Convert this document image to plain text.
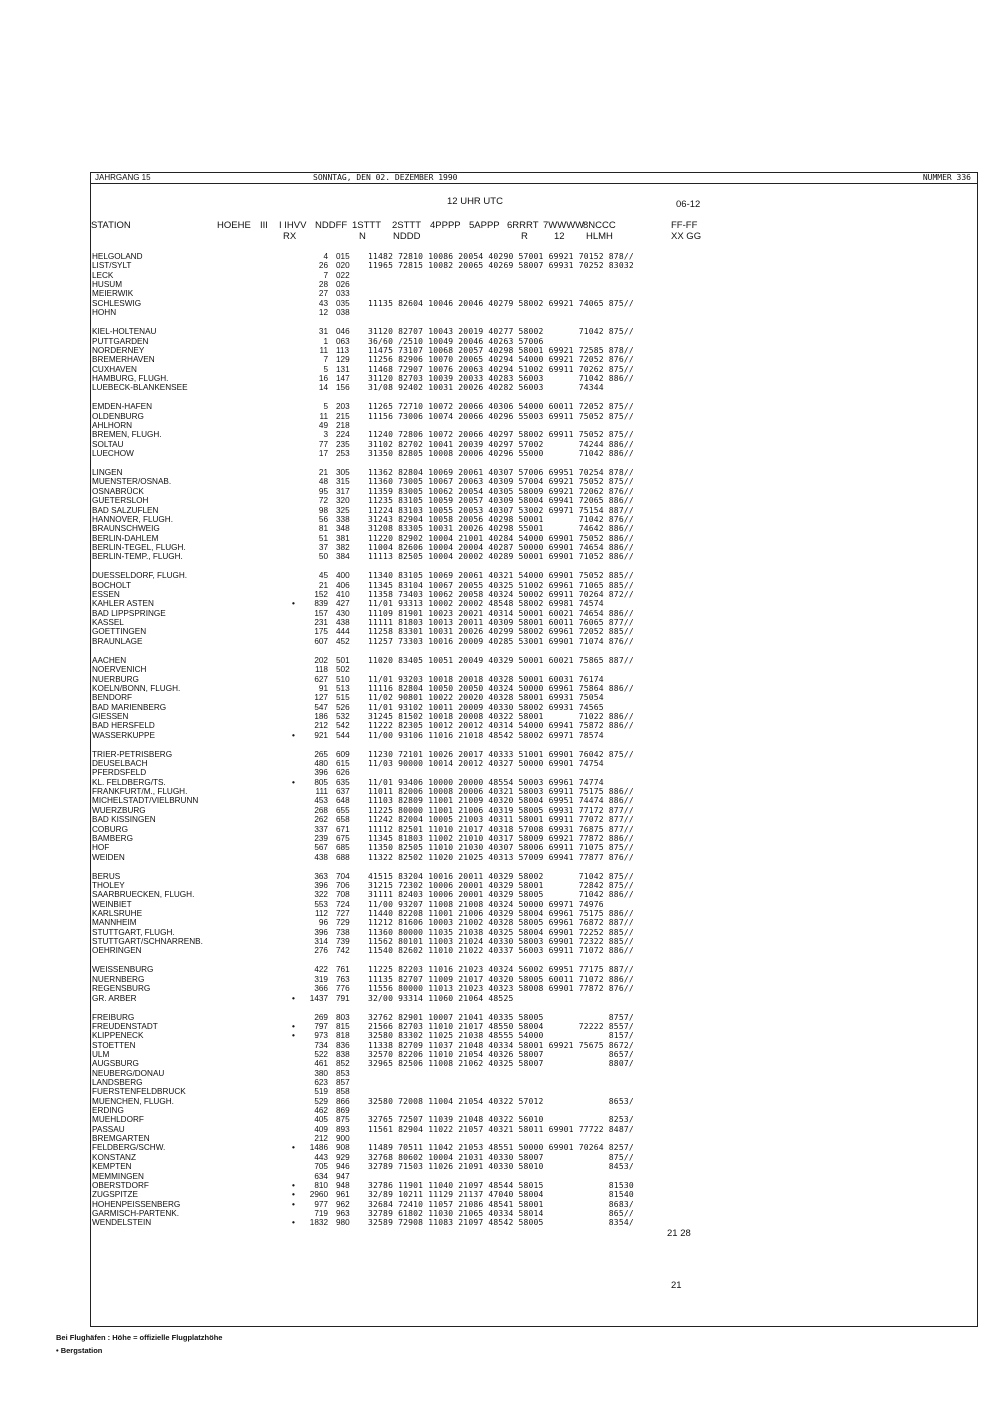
JAHRGANG 15	SONNTAG, DEN 02. DEZEMBER 1990	NUMMER 336
12 UHR UTC	06-12
STATION	HOEHE III I IHVV NDDFF 1STTT 2STTT 4PPPP 5APPP 6RRRT 7WWWW
8NCCC	FF-FF
RX	N	NDDD	R	12 HLMH	XX GG
HELGOLAND	4 015	11482 72810 10086 20054 40290 57001 69921 70152 878//
LIST/SYLT	26 020	11965 72815 10082 20065 40269 58007 69931 70252 83032
LECK	7 022
HUSUM	28 026
MEIERWIK	27 033
SCHLESWIG	43 035	11135 82604 10046 20046 40279 58002 69921 74065 875//
HOHN	12 038
KIEL-HOLTENAU	31 046	31120 82707 10043 20019 40277 58002       71042 875//
PUTTGARDEN	1 063	36/60 /2510 10049 20046 40263 57006
NORDERNEY	11 113	11475 73107 10068 20057 40298 58001 69921 72585 878//
BREMERHAVEN	7 129	11256 82906 10070 20065 40294 54000 69921 72052 876//
CUXHAVEN	5 131	11468 72907 10076 20063 40294 51002 69911 70262 875//
HAMBURG, FLUGH.	16 147	31120 82703 10039 20033 40283 56003       71042 886//
LUEBECK-BLANKENSEE	14 156	31/08 92402 10031 20026 40282 56003       74344
EMDEN-HAFEN	5 203	11265 72710 10072 20066 40306 54000 60011 72052 875//
OLDENBURG	11 215	11156 73006 10074 20066 40296 55003 69911 75052 875//
AHLHORN	49 218
BREMEN, FLUGH.	3 224	11240 72806 10072 20066 40297 58002 69911 75052 875//
SOLTAU	77 235	31102 82702 10041 20039 40297 57002       74244 886//
LUECHOW	17 253	31350 82805 10008 20006 40296 55000       71042 886//
LINGEN	21 305	11362 82804 10069 20061 40307 57006 69951 70254 878//
MUENSTER/OSNAB.	48 315	11360 73005 10067 20063 40309 57004 69921 75052 875//
OSNABRÜCK	95 317	11359 83005 10062 20054 40305 58009 69921 72062 876//
GUETERSLOH	72 320	11235 83105 10059 20057 40309 58004 69941 72065 886//
BAD SALZUFLEN	98 325	11224 83103 10055 20053 40307 53002 69971 75154 887//
HANNOVER, FLUGH.	56 338	31243 82904 10058 20056 40298 50001       71042 876//
BRAUNSCHWEIG	81 348	31208 83305 10031 20026 40298 55001       74642 886//
BERLIN-DAHLEM	51 381	11220 82902 10004 21001 40284 54000 69901 75052 886//
BERLIN-TEGEL, FLUGH.	37 382	11004 82606 10004 20004 40287 50000 69901 74654 886//
BERLIN-TEMP., FLUGH.	50 384	11113 82505 10004 20002 40289 50001 69901 71052 886//
DUESSELDORF, FLUGH.	45 400	11340 83105 10069 20061 40321 54000 69901 75052 885//
BOCHOLT	21 406	11345 83104 10067 20055 40325 51002 69961 71065 885//
ESSEN	152 410	11358 73403 10062 20058 40324 50002 69911 70264 872//
KAHLER ASTEN	•	839 427	11/01 93313 10002 20002 48548 58002 69981 74574
BAD LIPPSPRINGE	157 430	11109 81901 10023 20021 40314 50001 60021 74654 886//
KASSEL	231 438	11111 81803 10013 20011 40309 58001 60011 76065 877//
GOETTINGEN	175 444	11258 83301 10031 20026 40299 58002 69961 72052 885//
BRAUNLAGE	607 452	11257 73303 10016 20009 40285 53001 69901 71074 876//
AACHEN	202 501	11020 83405 10051 20049 40329 50001 60021 75865 887//
NOERVENICH	118 502
NUERBURG	627 510	11/01 93203 10018 20018 40328 50001 60031 76174
KOELN/BONN, FLUGH.	91 513	11116 82804 10050 20050 40324 50000 69961 75864 886//
BENDORF	127 515	11/02 90801 10022 20020 40328 58001 69931 75054
BAD MARIENBERG	547 526	11/01 93102 10011 20009 40330 58002 69931 74565
GIESSEN	186 532	31245 81502 10018 20008 40322 58001       71022 886//
BAD HERSFELD	212 542	11222 82305 10012 20012 40314 54000 69941 75872 886//
WASSERKUPPE	•	921 544	11/00 93106 11016 21018 48542 58002 69971 78574
TRIER-PETRISBERG	265 609	11230 72101 10026 20017 40333 51001 69901 76042 875//
DEUSELBACH	480 615	11/03 90000 10014 20012 40327 50000 69901 74754
PFERDSFELD	396 626
KL. FELDBERG/TS.	•	805 635	11/01 93406 10000 20000 48554 50003 69961 74774
FRANKFURT/M., FLUGH.	111 637	11011 82006 10008 20006 40321 58003 69911 75175 886//
MICHELSTADT/VIELBRUNN	453 648	11103 82809 11001 21009 40320 58004 69951 74474 886//
WUERZBURG	268 655	11225 80000 11001 21006 40319 58005 69931 77172 877//
BAD KISSINGEN	262 658	11242 82004 10005 21003 40311 58001 69911 77072 877//
COBURG	337 671	11112 82501 11010 21017 40318 57008 69931 76875 877//
BAMBERG	239 675	11345 81803 11002 21010 40317 58009 69921 77872 886//
HOF	567 685	11350 82505 11010 21030 40307 58006 69911 71075 875//
WEIDEN	438 688	11322 82502 11020 21025 40313 57009 69941 77877 876//
BERUS	363 704	41515 83204 10016 20011 40329 58002       71042 875//
THOLEY	396 706	31215 72302 10006 20001 40329 58001       72842 875//
SAARBRUECKEN, FLUGH.	322 708	31111 82403 10006 20001 40329 58005       71042 886//
WEINBIET	553 724	11/00 93207 11008 21008 40324 50000 69971 74976
KARLSRUHE	112 727	11440 82208 11001 21006 40329 58004 69961 75175 886//
MANNHEIM	96 729	11212 81606 10003 21002 40328 58005 69961 76872 887//
STUTTGART, FLUGH.	396 738	11360 80000 11035 21038 40325 58004 69901 72252 885//
STUTTGART/SCHNARRENB.	314 739	11562 80101 11003 21024 40330 58003 69901 72322 885//
OEHRINGEN	276 742	11540 82602 11010 21022 40337 56003 69911 71072 886//
WEISSENBURG	422 761	11225 82203 11016 21023 40324 56002 69951 77175 887//
NUERNBERG	319 763	11135 82707 11009 21017 40320 58005 60011 71072 886//
REGENSBURG	366 776	11556 80000 11013 21023 40323 58008 69901 77872 876//
GR. ARBER	•	1437 791	32/00 93314 11060 21064 48525
FREIBURG	269 803	32762 82901 10007 21041 40335 58005             8757/
FREUDENSTADT	•	797 815	21566 82703 11010 21017 48550 58004       72222 8557/
KLIPPENECK	•	973 818	32580 83302 11025 21038 48555 54000             8157/
STOETTEN	734 836	11338 82709 11037 21048 40334 58001 69921 75675 8672/
ULM	522 838	32570 82206 11010 21054 40326 58007             8657/
AUGSBURG	461 852	32965 82506 11008 21062 40325 58007             8807/
NEUBERG/DONAU	380 853
LANDSBERG	623 857
FUERSTENFELDBRUCK	519 858
MUENCHEN, FLUGH.	529 866	32580 72008 11004 21054 40322 57012             8653/
ERDING	462 869
MUEHLDORF	405 875	32765 72507 11039 21048 40322 56010             8253/
PASSAU	409 893	11561 82904 11022 21057 40321 58011 69901 77722 8487/
BREMGARTEN	212 900
FELDBERG/SCHW.	•	1486 908	11489 70511 11042 21053 48551 50000 69901 70264 8257/
KONSTANZ	443 929	32768 80602 10004 21031 40330 58007             875//
KEMPTEN	705 946	32789 71503 11026 21091 40330 58010             8453/
MEMMINGEN	634 947
OBERSTDORF	•	810 948	32786 11901 11040 21097 48544 58015             81530
ZUGSPITZE	•	2960 961	32/89 10211 11129 21137 47040 58004             81540
HOHENPEISSENBERG	•	977 962	32684 72410 11057 21086 48541 58001             8683/
GARMISCH-PARTENK.	719 963	32789 61802 11030 21065 40334 58014             865//
WENDELSTEIN	•	1832 980	32589 72908 11083 21097 48542 58005             8354/
21 28
21
Bei Flughäfen : Höhe = offizielle Flugplatzhöhe
• Bergstation
